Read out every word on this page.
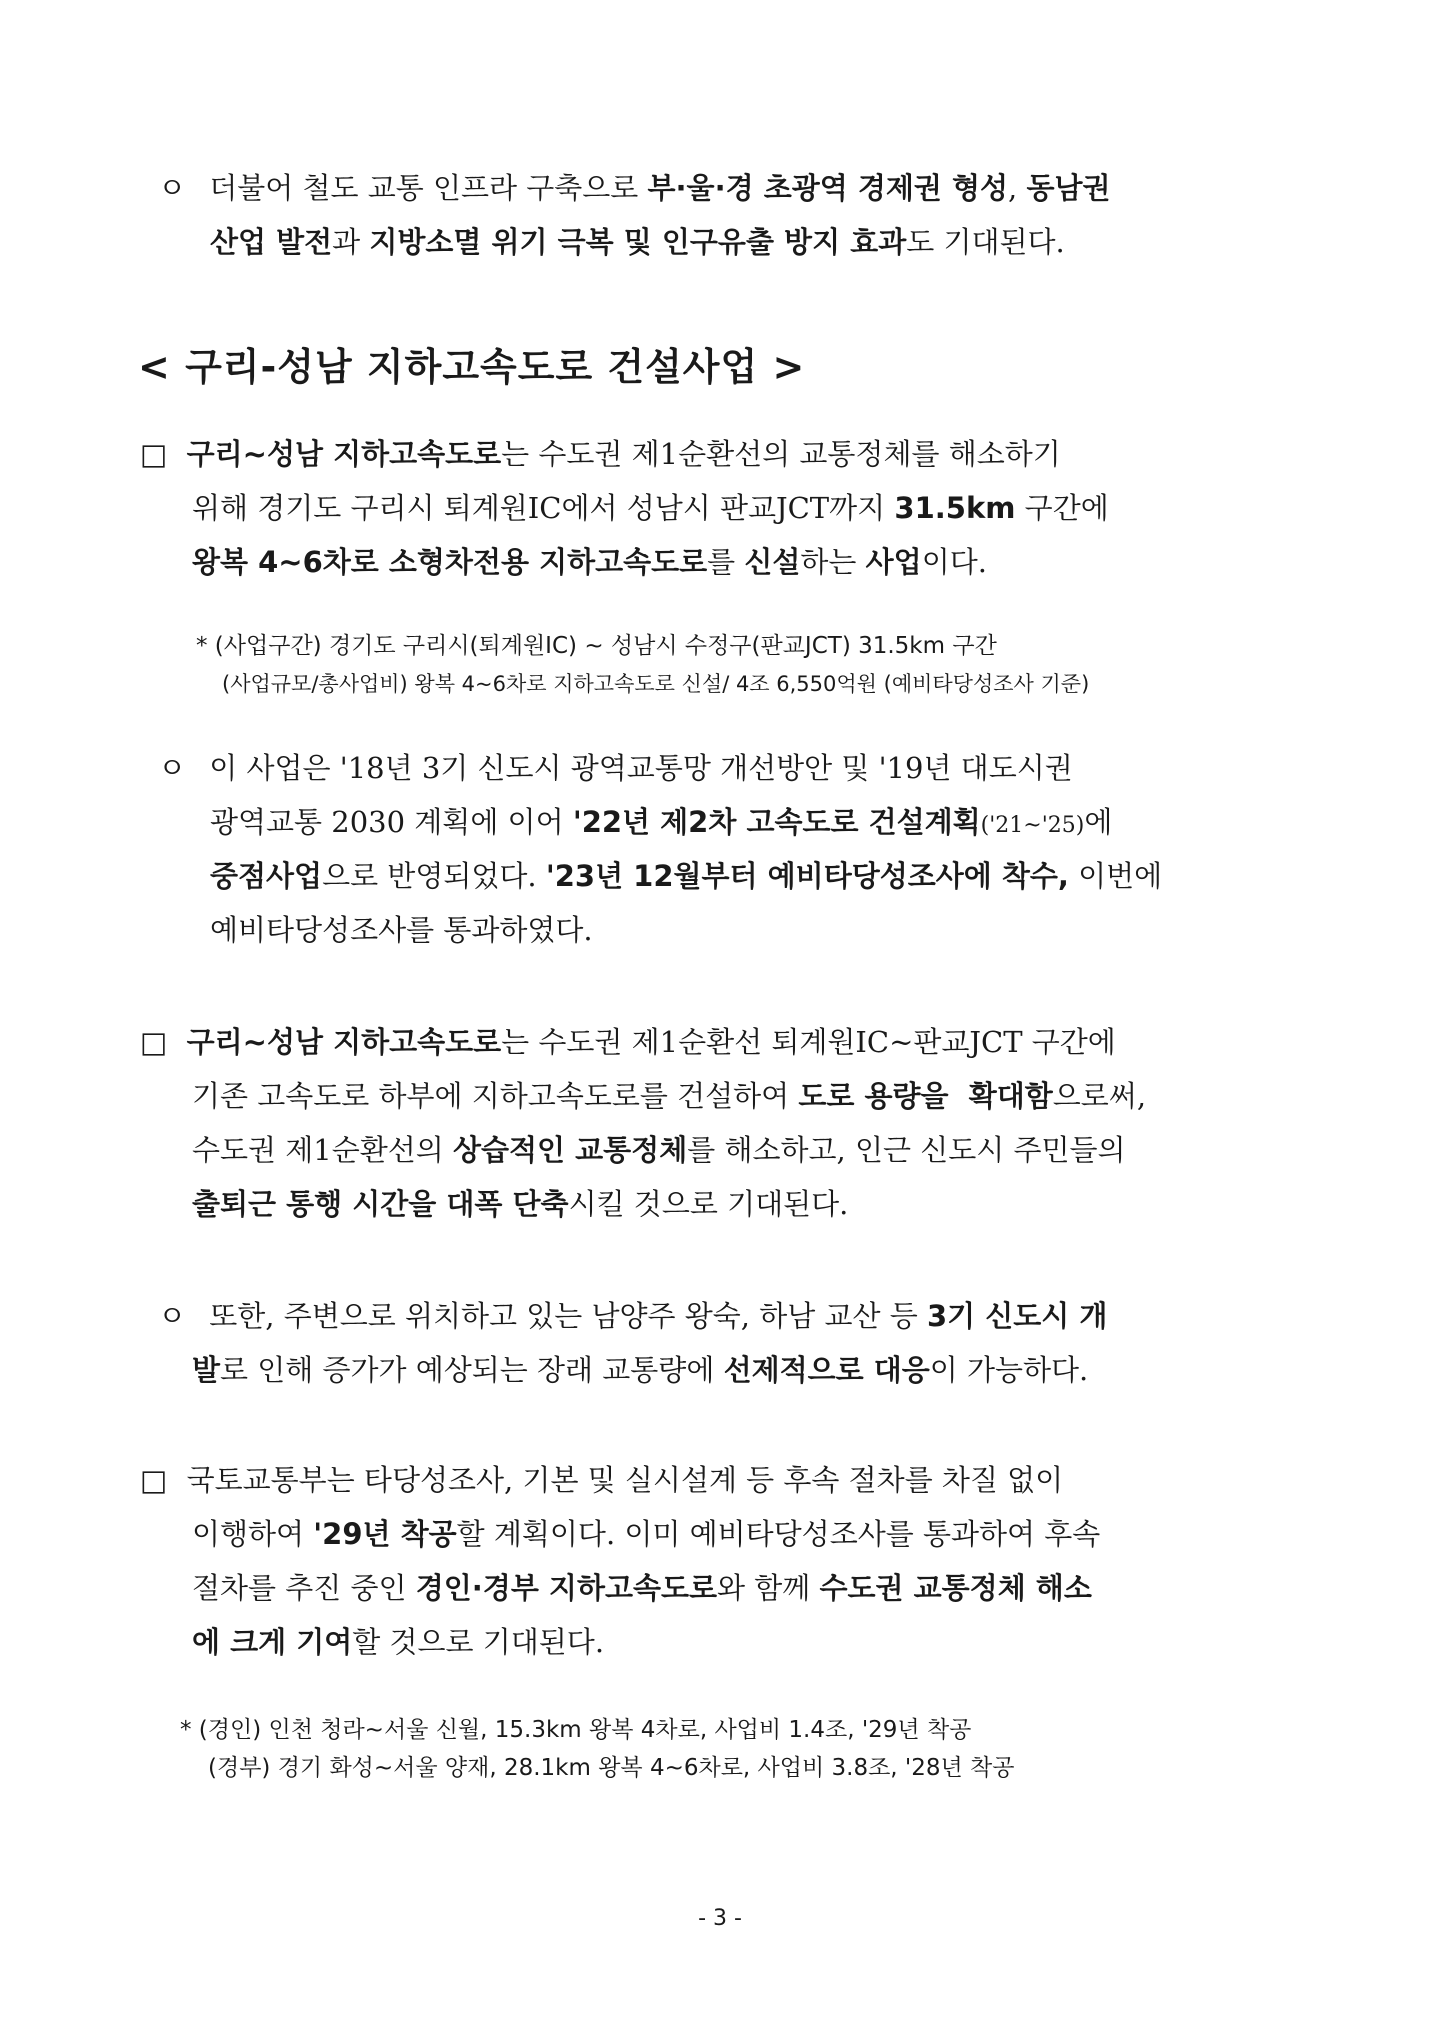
ㅇ 더불어 철도 교통 인프라 구축으로 부·울·경 초광역 경제권 형성, 동남권
산업 발전과 지방소멸 위기 극복 및 인구유출 방지 효과도 기대된다.
< 구리-성남 지하고속도로 건설사업 >
□ 구리~성남 지하고속도로는 수도권 제1순환선의 교통정체를 해소하기
위해 경기도 구리시 퇴계원IC에서 성남시 판교JCT까지 31.5km 구간에
왕복 4~6차로 소형차전용 지하고속도로를 신설하는 사업이다.
* (사업구간) 경기도 구리시(퇴계원IC) ~ 성남시 수정구(판교JCT) 31.5km 구간
(사업규모/총사업비) 왕복 4~6차로 지하고속도로 신설/ 4조 6,550억원 (예비타당성조사 기준)
ㅇ 이 사업은 '18년 3기 신도시 광역교통망 개선방안 및 '19년 대도시권
광역교통 2030 계획에 이어 '22년 제2차 고속도로 건설계획('21~'25)에
중점사업으로 반영되었다. '23년 12월부터 예비타당성조사에 착수, 이번에
예비타당성조사를 통과하였다.
□ 구리~성남 지하고속도로는 수도권 제1순환선 퇴계원IC~판교JCT 구간에
기존 고속도로 하부에 지하고속도로를 건설하여 도로 용량을  확대함으로써,
수도권 제1순환선의 상습적인 교통정체를 해소하고, 인근 신도시 주민들의
출퇴근 통행 시간을 대폭 단축시킬 것으로 기대된다.
ㅇ 또한, 주변으로 위치하고 있는 남양주 왕숙, 하남 교산 등 3기 신도시 개
발로 인해 증가가 예상되는 장래 교통량에 선제적으로 대응이 가능하다.
□ 국토교통부는 타당성조사, 기본 및 실시설계 등 후속 절차를 차질 없이
이행하여 '29년 착공할 계획이다. 이미 예비타당성조사를 통과하여 후속
절차를 추진 중인 경인·경부 지하고속도로와 함께 수도권 교통정체 해소
에 크게 기여할 것으로 기대된다.
* (경인) 인천 청라~서울 신월, 15.3km 왕복 4차로, 사업비 1.4조, '29년 착공
(경부) 경기 화성~서울 양재, 28.1km 왕복 4~6차로, 사업비 3.8조, '28년 착공
- 3 -
